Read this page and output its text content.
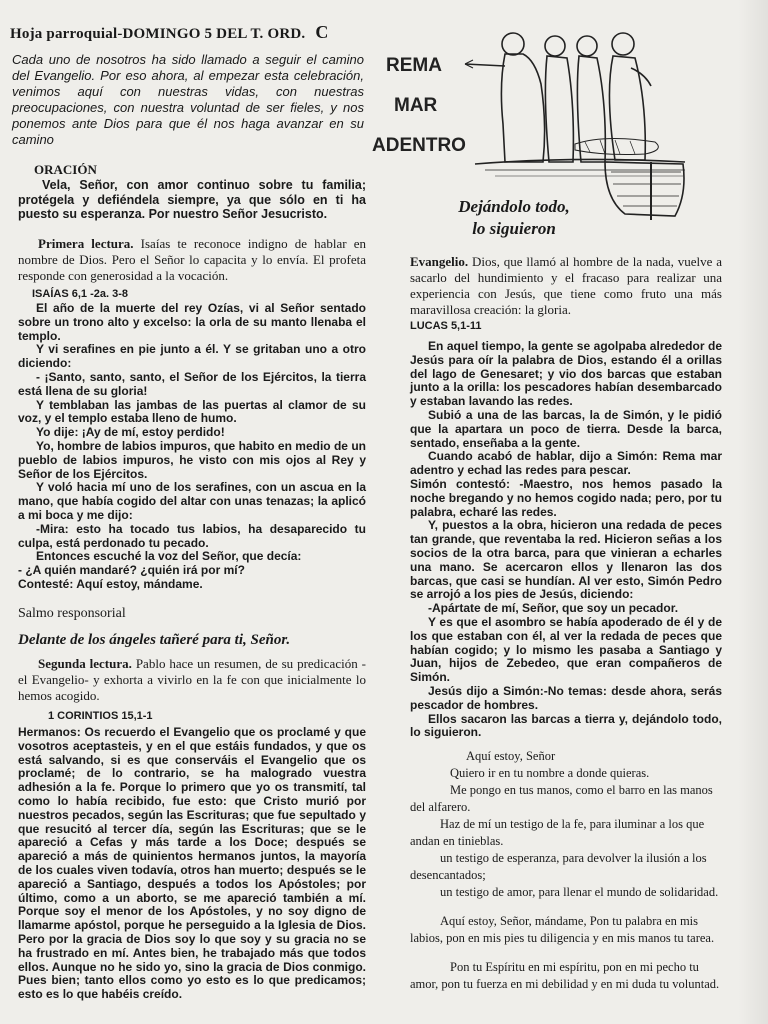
Hoja parroquial-DOMINGO 5 DEL T. ORD. C
Cada uno de nosotros ha sido llamado a seguir el camino del Evangelio. Por eso ahora, al empezar esta celebración, venimos aquí con nuestras vidas, con nuestras preocupaciones, con nuestra voluntad de ser fieles, y nos ponemos ante Dios para que él nos haga avanzar en su camino
REMA
MAR
ADENTRO
Dejándolo todo,
lo siguieron
ORACIÓN
Vela, Señor, con amor continuo sobre tu familia; protégela y defiéndela siempre, ya que sólo en ti ha puesto su esperanza. Por nuestro Señor Jesucristo.
Primera lectura. Isaías te reconoce indigno de hablar en nombre de Dios. Pero el Señor lo capacita y lo envía. El profeta responde con generosidad a la vocación.
ISAÍAS 6,1 -2a. 3-8

El año de la muerte del rey Ozías, vi al Señor sentado sobre un trono alto y excelso: la orla de su manto llenaba el templo.

Y vi serafines en pie junto a él. Y se gritaban uno a otro diciendo:

- ¡Santo, santo, santo, el Señor de los Ejércitos, la tierra está llena de su gloria!

Y temblaban las jambas de las puertas al clamor de su voz, y el templo estaba lleno de humo.

Yo dije: ¡Ay de mí, estoy perdido!

Yo, hombre de labios impuros, que habito en medio de un pueblo de labios impuros, he visto con mis ojos al Rey y Señor de los Ejércitos.

Y voló hacia mí uno de los serafines, con un ascua en la mano, que había cogido del altar con unas tenazas; la aplicó a mi boca y me dijo:

-Mira: esto ha tocado tus labios, ha desaparecido tu culpa, está perdonado tu pecado.

Entonces escuché la voz del Señor, que decía:

- ¿A quién mandaré? ¿quién irá por mí?

Contesté: Aquí estoy, mándame.

Salmo responsorial
Delante de los ángeles tañeré para ti, Señor.
Segunda lectura. Pablo hace un resumen, de su predicación -el Evangelio- y exhorta a vivirlo en la fe con que inicialmente lo hemos acogido.
1 CORINTIOS 15,1-1
Hermanos: Os recuerdo el Evangelio que os proclamé y que vosotros aceptasteis, y en el que estáis fundados, y que os está salvando, si es que conserváis el Evangelio que os proclamé; de lo contrario, se ha malogrado vuestra adhesión a la fe. Porque lo primero que yo os transmití, tal como lo había recibido, fue esto: que Cristo murió por nuestros pecados, según las Escrituras; que fue sepultado y que resucitó al tercer día, según las Escrituras; que se le apareció a Cefas y más tarde a los Doce; después se apareció a más de quinientos hermanos juntos, la mayoría de los cuales viven todavía, otros han muerto; después se le apareció a Santiago, después a todos los Apóstoles; por último, como a un aborto, se me apareció también a mí. Porque soy el menor de los Apóstoles, y no soy digno de llamarme apóstol, porque he perseguido a la Iglesia de Dios. Pero por la gracia de Dios soy lo que soy y su gracia no se ha frustrado en mí. Antes bien, he trabajado más que todos ellos. Aunque no he sido yo, sino la gracia de Dios conmigo. Pues bien; tanto ellos como yo esto es lo que predicamos; esto es lo que habéis creído.
Evangelio. Dios, que llamó al hombre de la nada, vuelve a sacarlo del hundimiento y el fracaso para realizar una experiencia con Jesús, que tiene como fruto una más maravillosa creación: la gloria.
LUCAS 5,1-11

En aquel tiempo, la gente se agolpaba alrededor de Jesús para oír la palabra de Dios, estando él a orillas del lago de Genesaret; y vio dos barcas que estaban junto a la orilla: los pescadores habían desembarcado y estaban lavando las redes.

Subió a una de las barcas, la de Simón, y le pidió que la apartara un poco de tierra. Desde la barca, sentado, enseñaba a la gente.

Cuando acabó de hablar, dijo a Simón: Rema mar adentro y echad las redes para pescar.

Simón contestó: -Maestro, nos hemos pasado la noche bregando y no hemos cogido nada; pero, por tu palabra, echaré las redes.

Y, puestos a la obra, hicieron una redada de peces tan grande, que reventaba la red. Hicieron señas a los socios de la otra barca, para que vinieran a echarles una mano. Se acercaron ellos y llenaron las dos barcas, que casi se hundían. Al ver esto, Simón Pedro se arrojó a los pies de Jesús, diciendo:

-Apártate de mí, Señor, que soy un pecador.

Y es que el asombro se había apoderado de él y de los que estaban con él, al ver la redada de peces que habían cogido; y lo mismo les pasaba a Santiago y Juan, hijos de Zebedeo, que eran compañeros de Simón.

Jesús dijo a Simón:-No temas: desde ahora, serás pescador de hombres.

Ellos sacaron las barcas a tierra y, dejándolo todo, lo siguieron.

Aquí estoy, Señor

Quiero ir en tu nombre a donde quieras.

Me pongo en tus manos, como el barro en las manos del alfarero.

Haz de mí un testigo de la fe, para iluminar a los que andan en tinieblas.

un testigo de esperanza, para devolver la ilusión a los desencantados;

un testigo de amor, para llenar el mundo de solidaridad.

Aquí estoy, Señor, mándame, Pon tu palabra en mis labios, pon en mis pies tu diligencia y en mis manos tu tarea.

Pon tu Espíritu en mi espíritu, pon en mi pecho tu amor, pon tu fuerza en mi debilidad y en mi duda tu voluntad.
